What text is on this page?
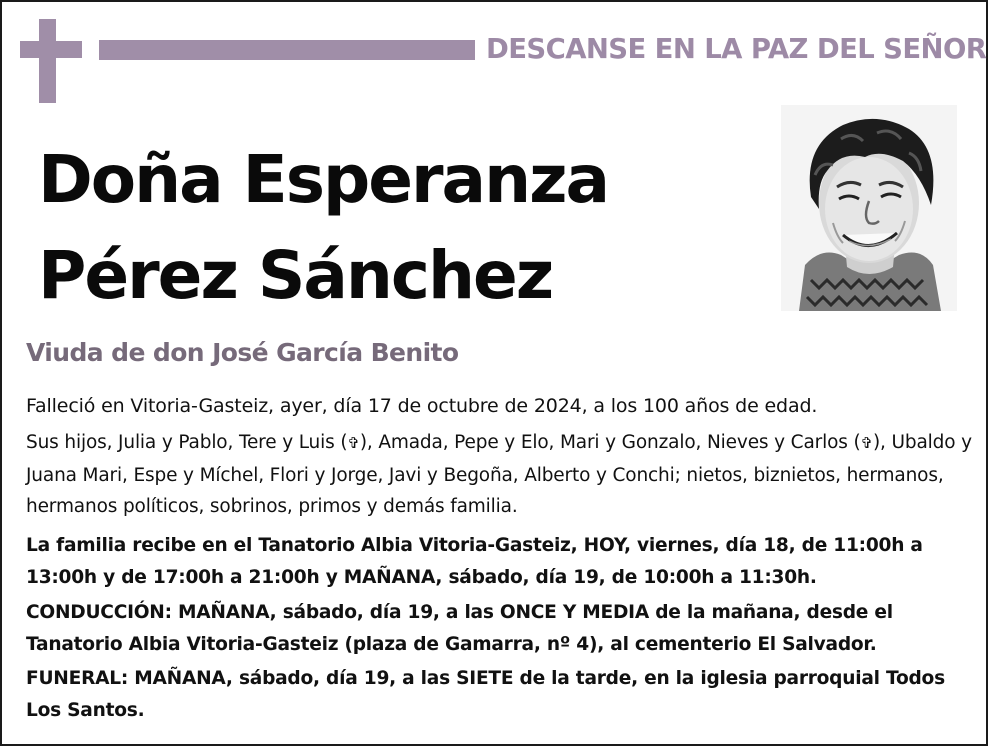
DESCANSE EN LA PAZ DEL SEÑOR
Doña Esperanza
Pérez Sánchez
Viuda de don José García Benito
Falleció en Vitoria-Gasteiz, ayer, día 17 de octubre de 2024, a los 100 años de edad.
Sus hijos, Julia y Pablo, Tere y Luis (✞), Amada, Pepe y Elo, Mari y Gonzalo, Nieves y Carlos (✞), Ubaldo y Juana Mari, Espe y Míchel, Flori y Jorge, Javi y Begoña, Alberto y Conchi; nietos, biznietos, hermanos, hermanos políticos, sobrinos, primos y demás familia.
La familia recibe en el Tanatorio Albia Vitoria-Gasteiz, HOY, viernes, día 18, de 11:00h a 13:00h y de 17:00h a 21:00h y MAÑANA, sábado, día 19, de 10:00h a 11:30h.
CONDUCCIÓN: MAÑANA, sábado, día 19, a las ONCE Y MEDIA de la mañana, desde el Tanatorio Albia Vitoria-Gasteiz (plaza de Gamarra, nº 4), al cementerio El Salvador.
FUNERAL: MAÑANA, sábado, día 19, a las SIETE de la tarde, en la iglesia parroquial Todos Los Santos.
